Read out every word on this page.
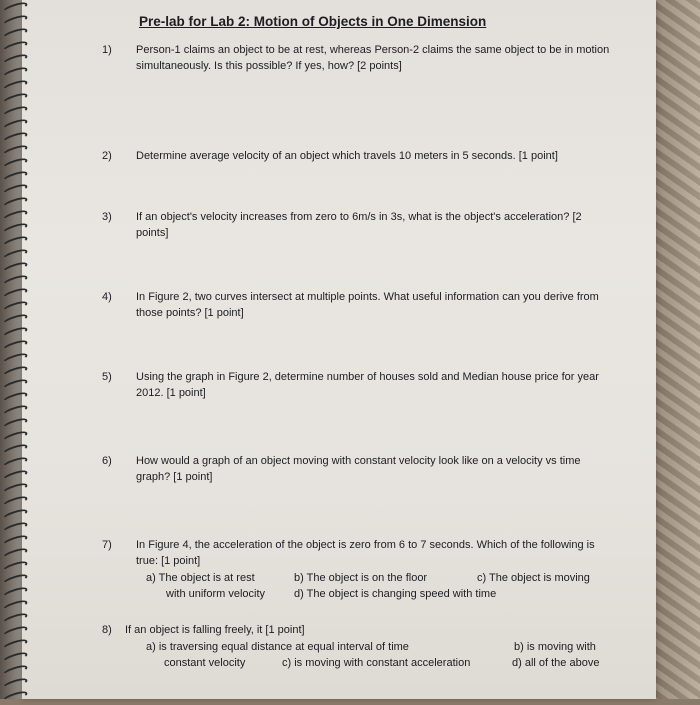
Pre-lab for Lab 2: Motion of Objects in One Dimension
1) Person-1 claims an object to be at rest, whereas Person-2 claims the same object to be in motion simultaneously. Is this possible? If yes, how? [2 points]
2) Determine average velocity of an object which travels 10 meters in 5 seconds. [1 point]
3) If an object's velocity increases from zero to 6m/s in 3s, what is the object's acceleration? [2 points]
4) In Figure 2, two curves intersect at multiple points. What useful information can you derive from those points? [1 point]
5) Using the graph in Figure 2, determine number of houses sold and Median house price for year 2012. [1 point]
6) How would a graph of an object moving with constant velocity look like on a velocity vs time graph? [1 point]
7) In Figure 4, the acceleration of the object is zero from 6 to 7 seconds. Which of the following is true: [1 point]
a) The object is at rest	b) The object is on the floor	c) The object is moving
with uniform velocity	d) The object is changing speed with time
8) If an object is falling freely, it [1 point]
a) is traversing equal distance at equal interval of time	b) is moving with
constant velocity	c) is moving with constant acceleration	d) all of the above
